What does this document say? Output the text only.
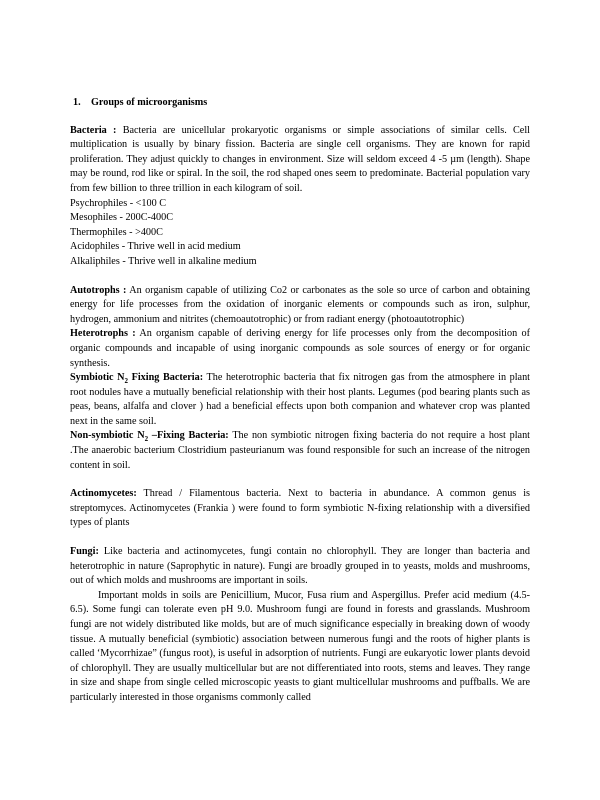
1. Groups of microorganisms

Bacteria : Bacteria are unicellular prokaryotic organisms or simple associations of similar cells. Cell multiplication is usually by binary fission. Bacteria are single cell organisms. They are known for rapid proliferation. They adjust quickly to changes in environment. Size will seldom exceed 4 -5 µm (length). Shape may be round, rod like or spiral. In the soil, the rod shaped ones seem to predominate. Bacterial population vary from few billion to three trillion in each kilogram of soil.

Psychrophiles - <100 C

Mesophiles - 200C-400C

Thermophiles - >400C

Acidophiles - Thrive well in acid medium

Alkaliphiles - Thrive well in alkaline medium

Autotrophs : An organism capable of utilizing Co2 or carbonates as the sole so urce of carbon and obtaining energy for life processes from the oxidation of inorganic elements or compounds such as iron, sulphur, hydrogen, ammonium and nitrites (chemoautotrophic) or from radiant energy (photoautotrophic)

Heterotrophs : An organism capable of deriving energy for life processes only from the decomposition of organic compounds and incapable of using inorganic compounds as sole sources of energy or for organic synthesis.

Symbiotic $N_2$ Fixing Bacteria: The heterotrophic bacteria that fix nitrogen gas from the atmosphere in plant root nodules have a mutually beneficial relationship with their host plants. Legumes (pod bearing plants such as peas, beans, alfalfa and clover ) had a beneficial effects upon both companion and whatever crop was planted next in the same soil.

Non-symbiotic $N_2$ –Fixing Bacteria: The non symbiotic nitrogen fixing bacteria do not require a host plant .The anaerobic bacterium Clostridium pasteurianum was found responsible for such an increase of the nitrogen content in soil.

Actinomycetes: Thread / Filamentous bacteria. Next to bacteria in abundance. A common genus is streptomyces. Actinomycetes (Frankia ) were found to form symbiotic N-fixing relationship with a diversified types of plants

Fungi: Like bacteria and actinomycetes, fungi contain no chlorophyll. They are longer than bacteria and heterotrophic in nature (Saprophytic in nature). Fungi are broadly grouped in to yeasts, molds and mushrooms, out of which molds and mushrooms are important in soils.

Important molds in soils are Penicillium, Mucor, Fusa rium and Aspergillus. Prefer acid medium (4.5-6.5). Some fungi can tolerate even pH 9.0. Mushroom fungi are found in forests and grasslands. Mushroom fungi are not widely distributed like molds, but are of much significance especially in breaking down of woody tissue. A mutually beneficial (symbiotic) association between numerous fungi and the roots of higher plants is called ‘Mycorrhizae” (fungus root), is useful in adsorption of nutrients. Fungi are eukaryotic lower plants devoid of chlorophyll. They are usually multicellular but are not differentiated into roots, stems and leaves. They range in size and shape from single celled microscopic yeasts to giant multicellular mushrooms and puffballs. We are particularly interested in those organisms commonly called
